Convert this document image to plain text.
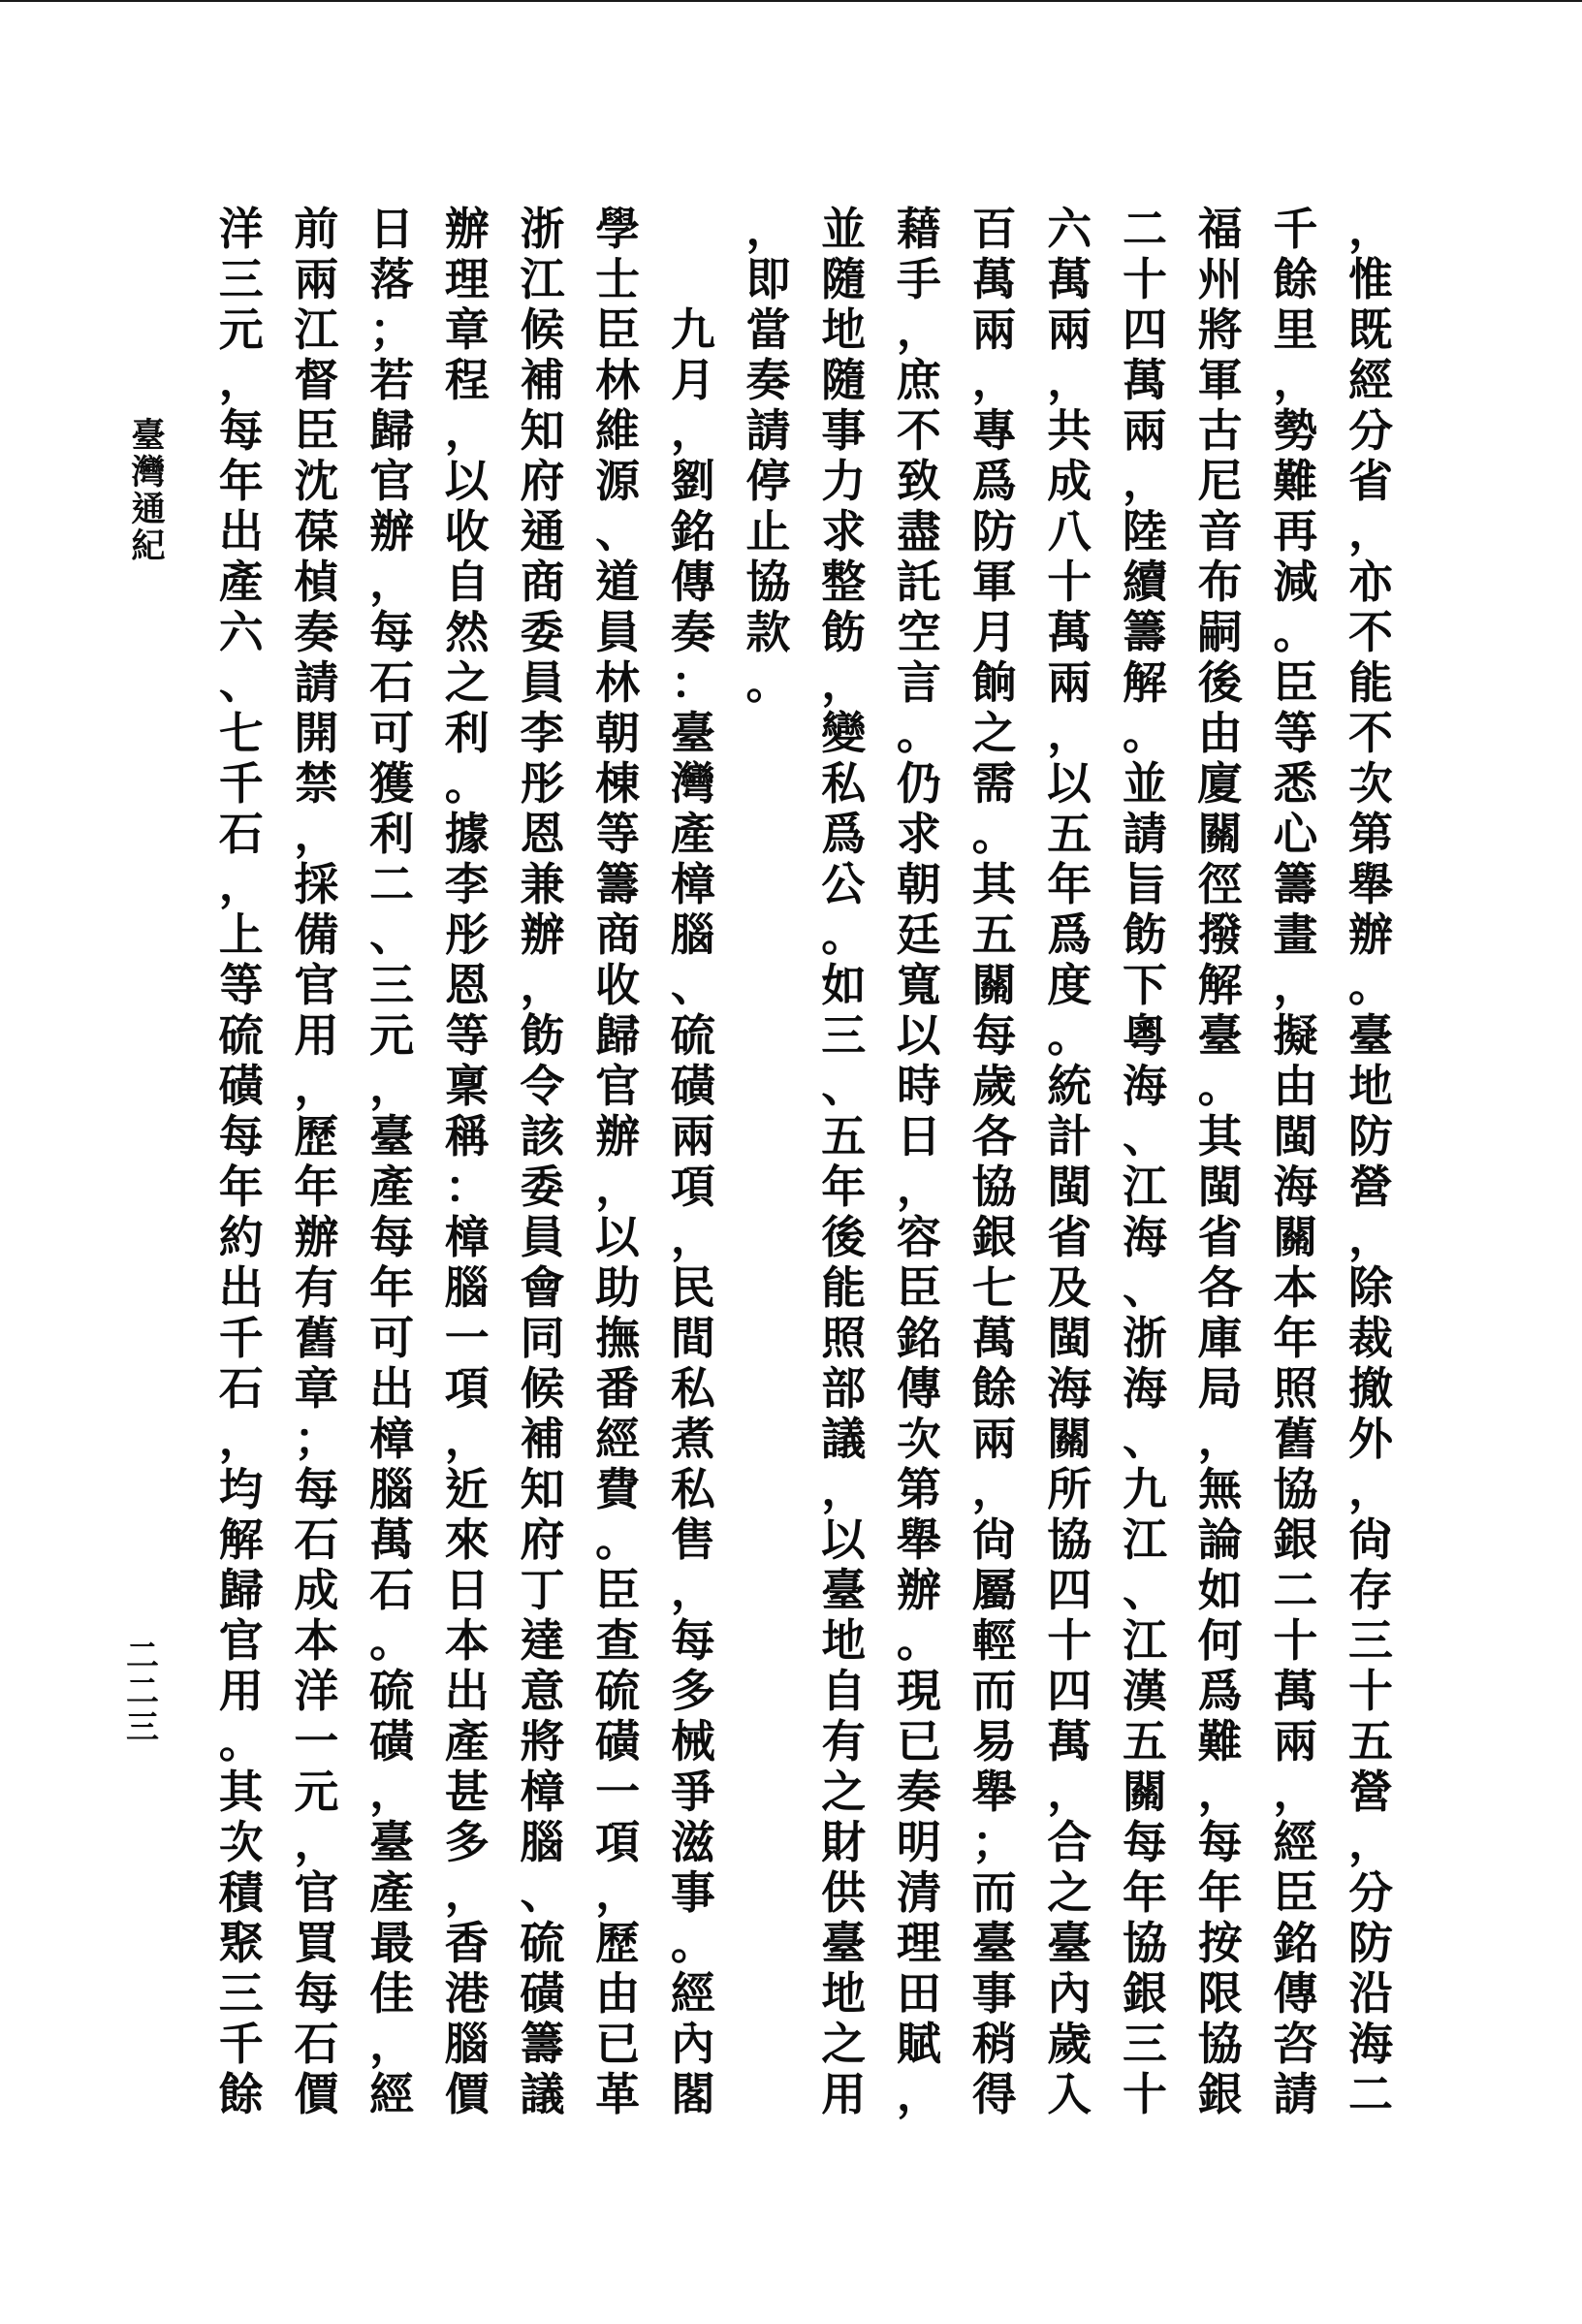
臺
灣
通
紀
二
二
三
，
惟
既
經
分
省
，
亦
不
能
不
次
第
舉
辦
。
臺
地
防
營
，
除
裁
撤
外
，
尙
存
三
十
五
營
，
分
防
沿
海
二
千
餘
里
，
勢
難
再
減
。
臣
等
悉
心
籌
畫
，
擬
由
閩
海
關
本
年
照
舊
協
銀
二
十
萬
兩
，
經
臣
銘
傳
咨
請
福
州
將
軍
古
尼
音
布
嗣
後
由
廈
關
徑
撥
解
臺
。
其
閩
省
各
庫
局
，
無
論
如
何
爲
難
，
每
年
按
限
協
銀
二
十
四
萬
兩
，
陸
續
籌
解
。
並
請
旨
飭
下
粵
海
、
江
海
、
浙
海
、
九
江
、
江
漢
五
關
每
年
協
銀
三
十
六
萬
兩
，
共
成
八
十
萬
兩
，
以
五
年
爲
度
。
統
計
閩
省
及
閩
海
關
所
協
四
十
四
萬
，
合
之
臺
內
歲
入
百
萬
兩
，
專
爲
防
軍
月
餉
之
需
。
其
五
關
每
歲
各
協
銀
七
萬
餘
兩
，
尙
屬
輕
而
易
舉
；
而
臺
事
稍
得
藉
手
，
庶
不
致
盡
託
空
言
。
仍
求
朝
廷
寬
以
時
日
，
容
臣
銘
傳
次
第
舉
辦
。
現
已
奏
明
清
理
田
賦
，
並
隨
地
隨
事
力
求
整
飭
，
變
私
爲
公
。
如
三
、
五
年
後
能
照
部
議
，
以
臺
地
自
有
之
財
供
臺
地
之
用
，
即
當
奏
請
停
止
協
款
。

九
月
，
劉
銘
傳
奏
：
臺
灣
產
樟
腦
、
硫
磺
兩
項
，
民
間
私
煮
私
售
，
每
多
械
爭
滋
事
。
經
內
閣
學
士
臣
林
維
源
、
道
員
林
朝
棟
等
籌
商
收
歸
官
辦
，
以
助
撫
番
經
費
。
臣
查
硫
磺
一
項
，
歷
由
已
革
浙
江
候
補
知
府
通
商
委
員
李
彤
恩
兼
辦
，
飭
令
該
委
員
會
同
候
補
知
府
丁
達
意
將
樟
腦
、
硫
磺
籌
議
辦
理
章
程
，
以
收
自
然
之
利
。
據
李
彤
恩
等
稟
稱
：
樟
腦
一
項
，
近
來
日
本
出
產
甚
多
，
香
港
腦
價
日
落
；
若
歸
官
辦
，
每
石
可
獲
利
二
、
三
元
，
臺
產
每
年
可
出
樟
腦
萬
石
。
硫
磺
，
臺
產
最
佳
，
經
前
兩
江
督
臣
沈
葆
楨
奏
請
開
禁
，
採
備
官
用
，
歷
年
辦
有
舊
章
；
每
石
成
本
洋
一
元
，
官
買
每
石
價
洋
三
元
，
每
年
出
產
六
、
七
千
石
，
上
等
硫
磺
每
年
約
出
千
石
，
均
解
歸
官
用
。
其
次
積
聚
三
千
餘
